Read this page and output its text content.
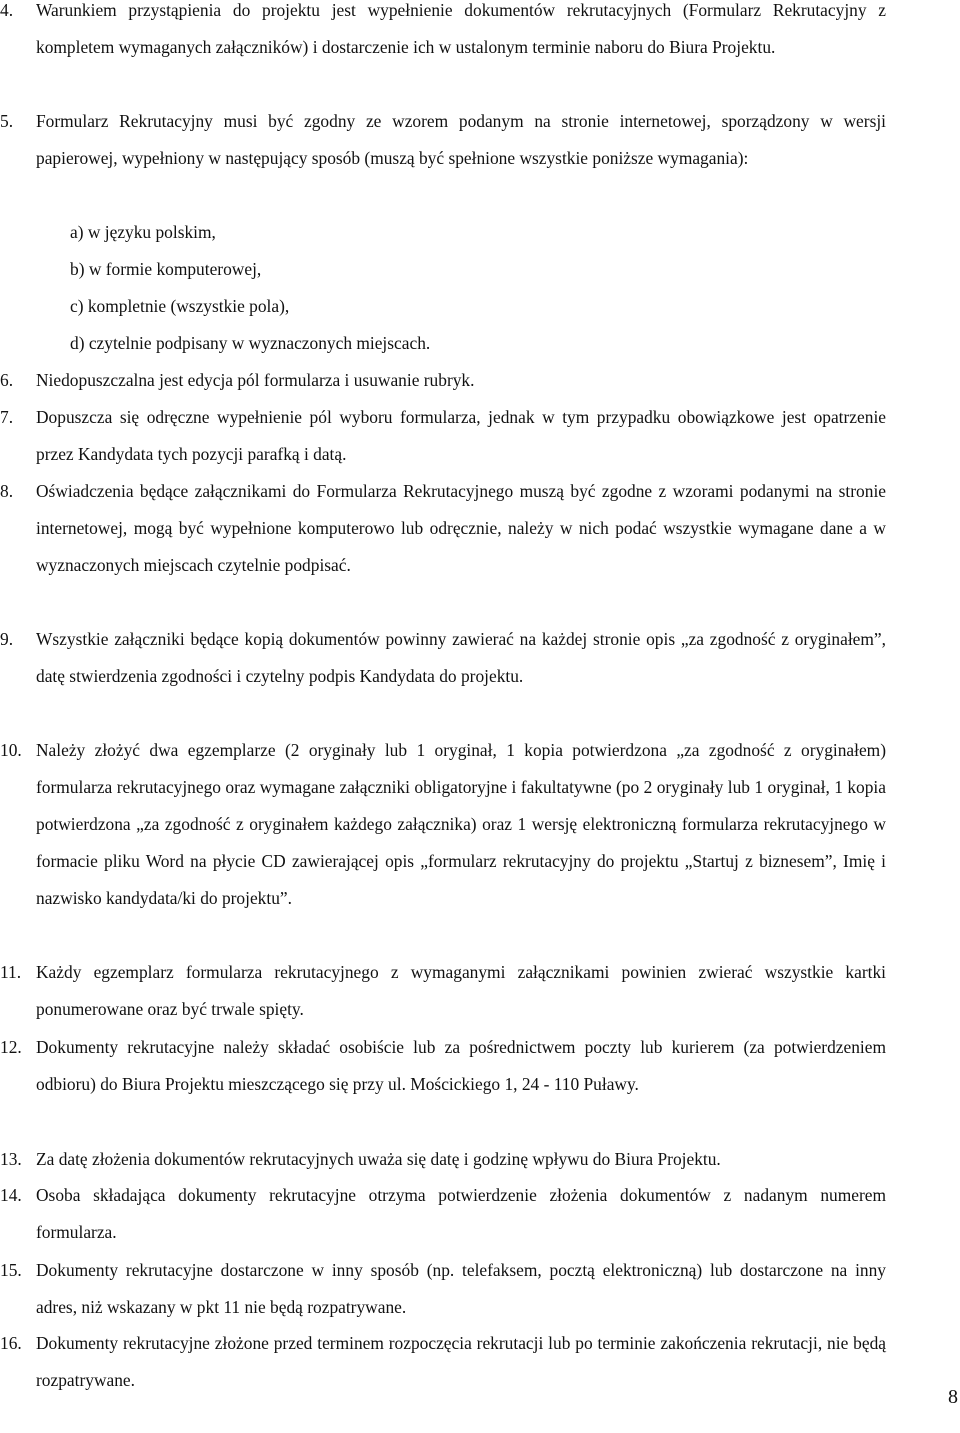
4.	Warunkiem przystąpienia do projektu jest wypełnienie dokumentów rekrutacyjnych (Formularz Rekrutacyjny z kompletem wymaganych załączników) i dostarczenie ich w ustalonym terminie naboru do Biura Projektu.
5.	Formularz Rekrutacyjny musi być zgodny ze wzorem podanym na stronie internetowej, sporządzony w wersji papierowej, wypełniony w następujący sposób (muszą być spełnione wszystkie poniższe wymagania):
a) w języku polskim,
b) w formie komputerowej,
c) kompletnie (wszystkie pola),
d) czytelnie podpisany w wyznaczonych miejscach.
6.	Niedopuszczalna jest edycja pól formularza i usuwanie rubryk.
7.	Dopuszcza się odręczne wypełnienie pól wyboru formularza, jednak w tym przypadku obowiązkowe jest opatrzenie przez Kandydata tych pozycji parafką i datą.
8.	Oświadczenia będące załącznikami do Formularza Rekrutacyjnego muszą być zgodne z wzorami podanymi na stronie internetowej, mogą być wypełnione komputerowo lub odręcznie, należy w nich podać wszystkie wymagane dane a w wyznaczonych miejscach czytelnie podpisać.
9.	Wszystkie załączniki będące kopią dokumentów powinny zawierać na każdej stronie opis „za zgodność z oryginałem”, datę stwierdzenia zgodności i czytelny podpis Kandydata do projektu.
10. Należy złożyć dwa egzemplarze (2 oryginały lub 1 oryginał, 1 kopia potwierdzona „za zgodność z oryginałem) formularza rekrutacyjnego oraz wymagane załączniki obligatoryjne i fakultatywne (po 2 oryginały lub 1 oryginał, 1 kopia potwierdzona „za zgodność z oryginałem każdego załącznika) oraz 1 wersję elektroniczną formularza rekrutacyjnego w formacie pliku Word na płycie CD zawierającej opis „formularz rekrutacyjny do projektu „Startuj z biznesem”, Imię i nazwisko kandydata/ki do projektu”.
11. Każdy egzemplarz formularza rekrutacyjnego z wymaganymi załącznikami powinien zwierać wszystkie kartki ponumerowane oraz być trwale spięty.
12. Dokumenty rekrutacyjne należy składać osobiście lub za pośrednictwem poczty lub kurierem (za potwierdzeniem odbioru) do Biura Projektu mieszczącego się przy ul. Mościckiego 1, 24 - 110 Puławy.
13. Za datę złożenia dokumentów rekrutacyjnych uważa się datę i godzinę wpływu do Biura Projektu.
14. Osoba składająca dokumenty rekrutacyjne otrzyma potwierdzenie złożenia dokumentów z nadanym numerem formularza.
15. Dokumenty rekrutacyjne dostarczone w inny sposób (np. telefaksem, pocztą elektroniczną) lub dostarczone na inny adres, niż wskazany w pkt 11 nie będą rozpatrywane.
16. Dokumenty rekrutacyjne złożone przed terminem rozpoczęcia rekrutacji lub po terminie zakończenia rekrutacji, nie będą rozpatrywane.
8
